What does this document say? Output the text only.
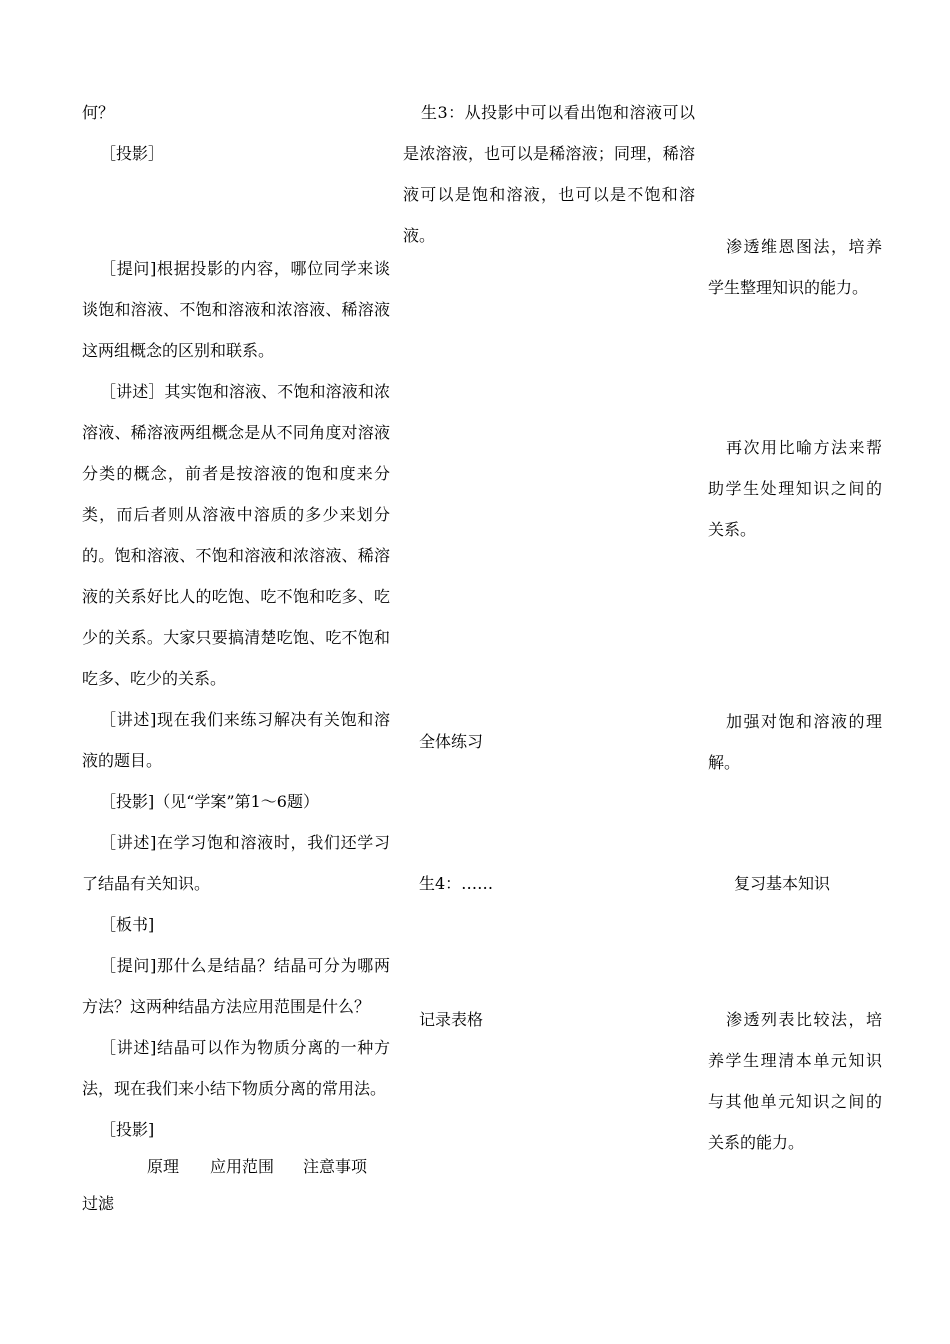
何？

［投影］

［提问]根据投影的内容，哪位同学来谈谈饱和溶液、不饱和溶液和浓溶液、稀溶液这两组概念的区别和联系。

［讲述］其实饱和溶液、不饱和溶液和浓溶液、稀溶液两组概念是从不同角度对溶液分类的概念，前者是按溶液的饱和度来分类，而后者则从溶液中溶质的多少来划分的。饱和溶液、不饱和溶液和浓溶液、稀溶液的关系好比人的吃饱、吃不饱和吃多、吃少的关系。大家只要搞清楚吃饱、吃不饱和吃多、吃少的关系。

［讲述]现在我们来练习解决有关饱和溶液的题目。

［投影]（见“学案”第1～6题）

［讲述]在学习饱和溶液时，我们还学习了结晶有关知识。

［板书]

［提问]那什么是结晶？结晶可分为哪两方法？这两种结晶方法应用范围是什么？

［讲述]结晶可以作为物质分离的一种方法，现在我们来小结下物质分离的常用法。

［投影]

原理 应用范围 注意事项
过滤

生3：从投影中可以看出饱和溶液可以是浓溶液，也可以是稀溶液；同理，稀溶液可以是饱和溶液，也可以是不饱和溶液。

全体练习
生4：……
记录表格

渗透维恩图法，培养学生整理知识的能力。

再次用比喻方法来帮助学生处理知识之间的关系。

加强对饱和溶液的理解。

复习基本知识

渗透列表比较法，培养学生理清本单元知识与其他单元知识之间的关系的能力。
